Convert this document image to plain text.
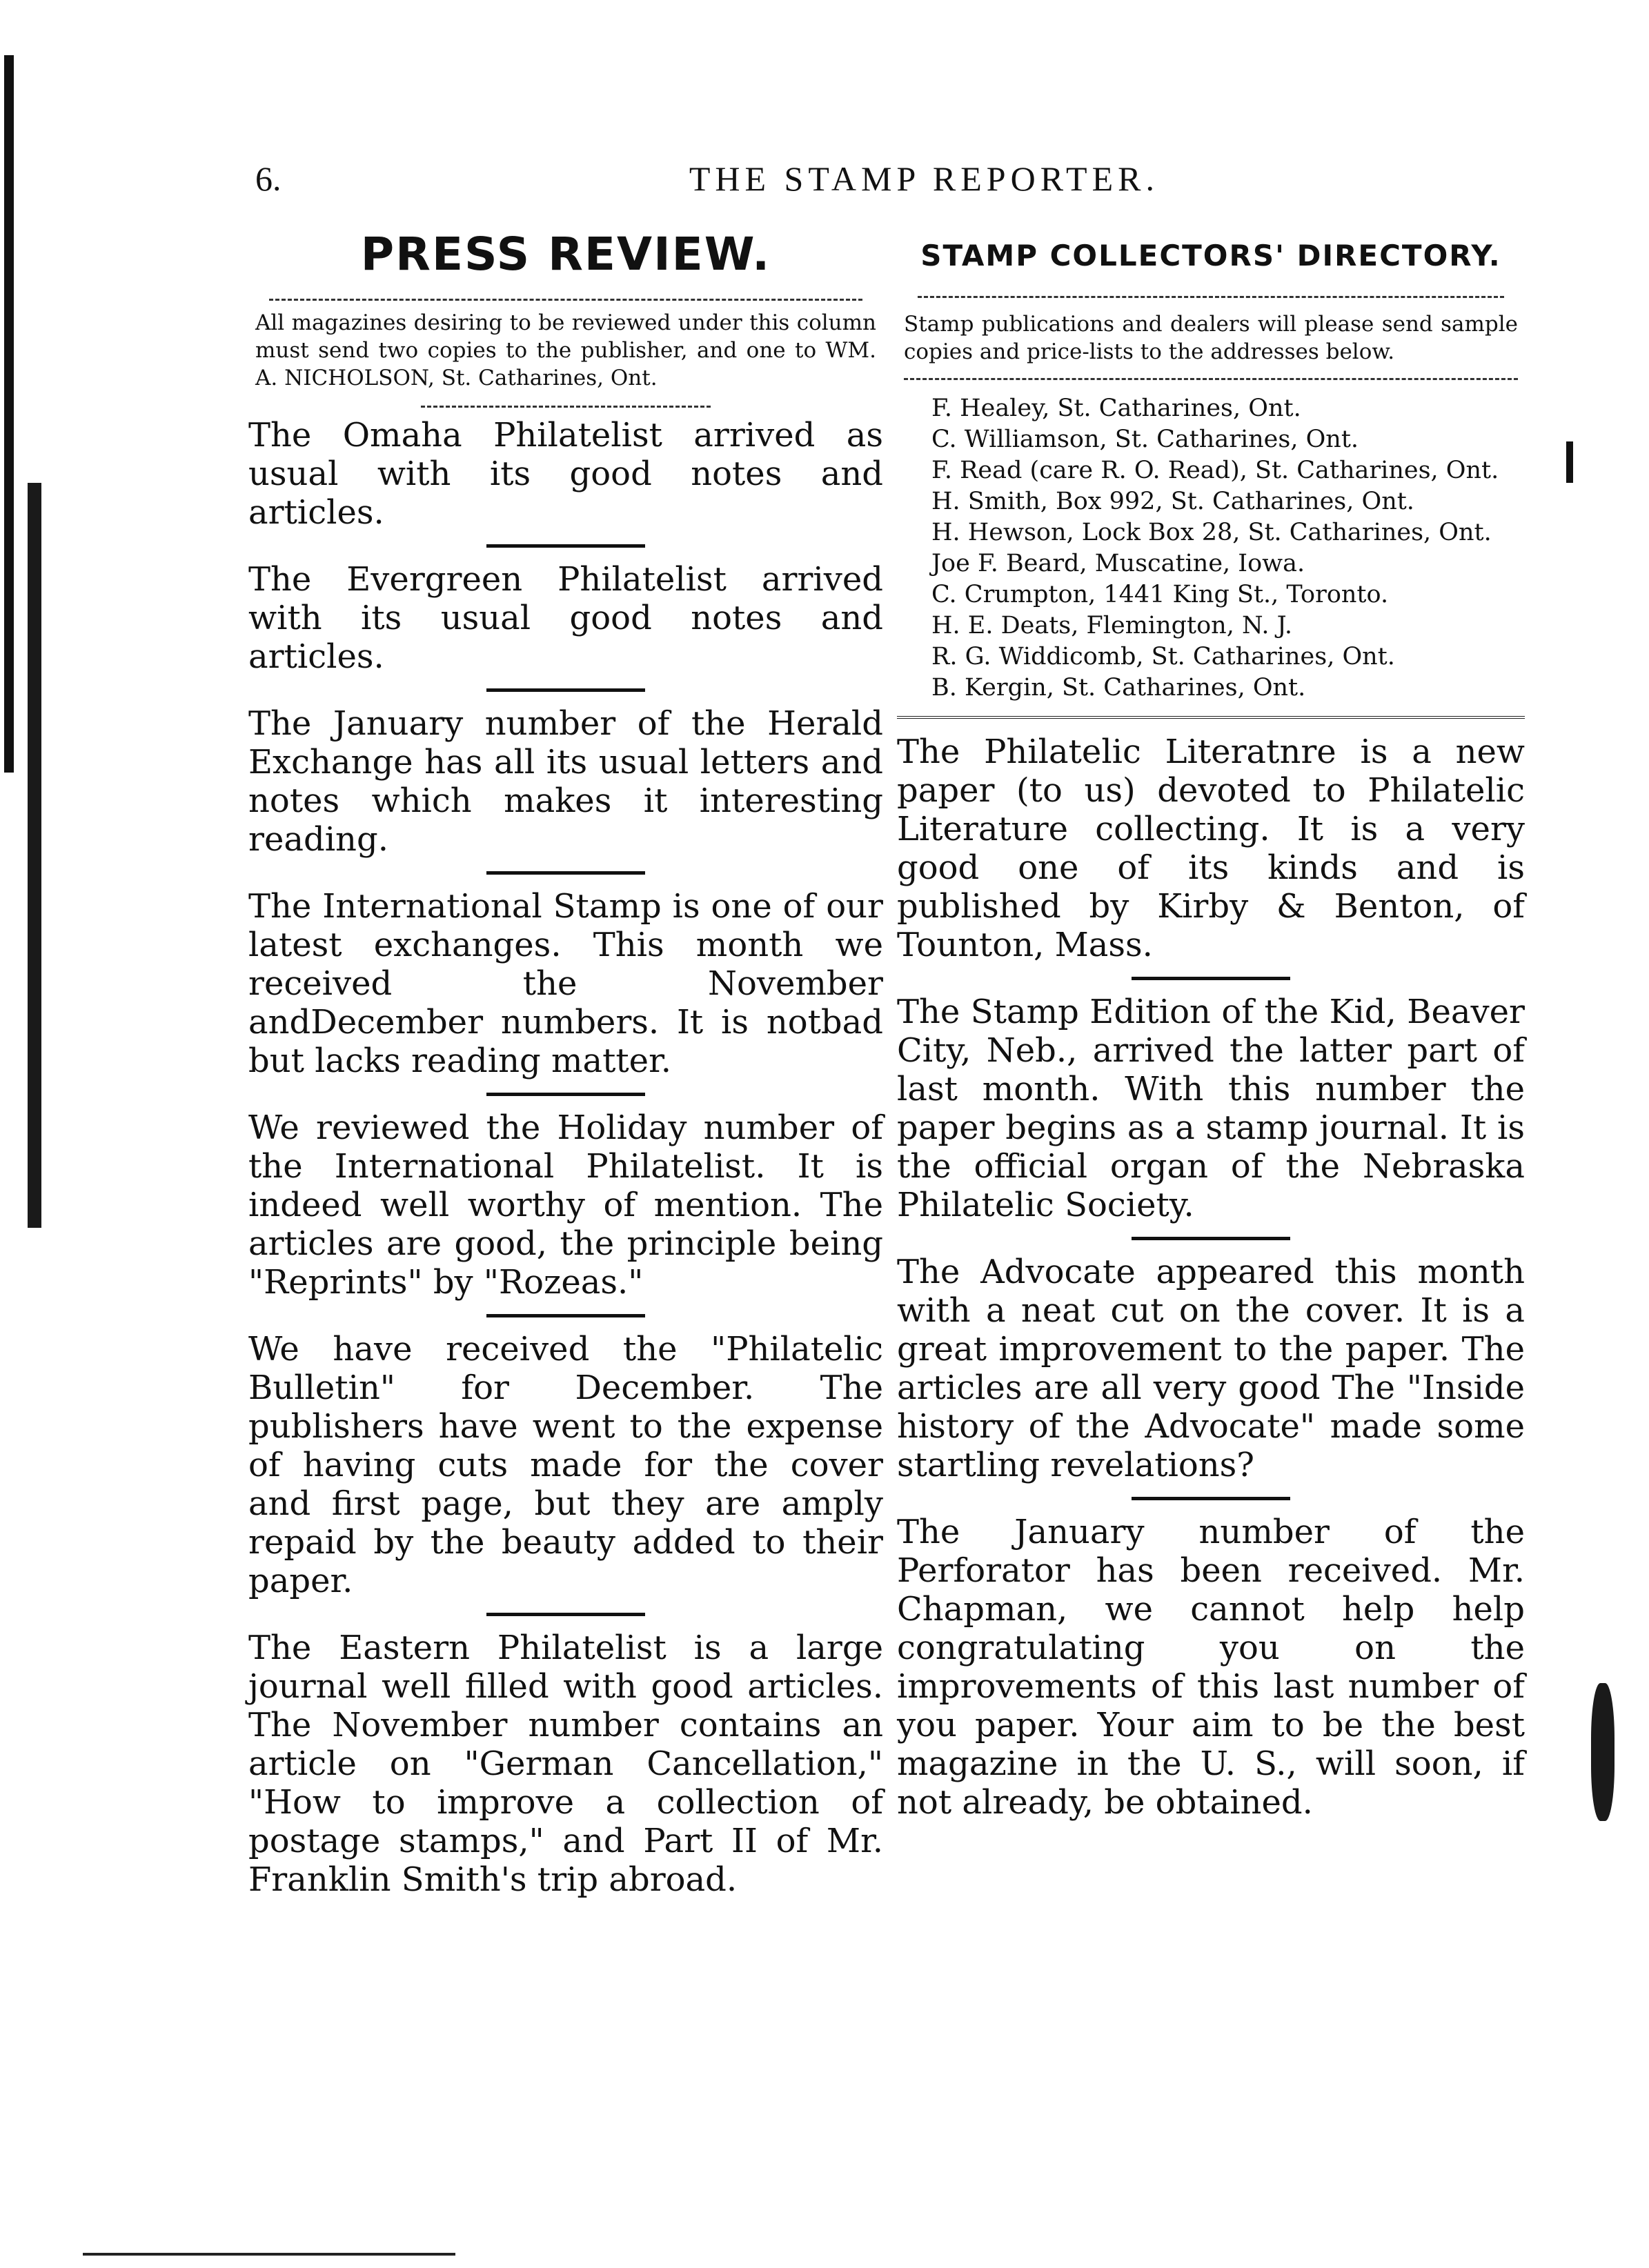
6.	THE STAMP REPORTER.
PRESS REVIEW.

All magazines desiring to be reviewed under this column must send two copies to the publisher, and one to WM. A. NICHOLSON, St. Catharines, Ont.

The Omaha Philatelist arrived as usual with its good notes and articles.

The Evergreen Philatelist arrived with its usual good notes and articles.

The January number of the Herald Exchange has all its usual letters and notes which makes it interesting reading.

The International Stamp is one of our latest exchanges. This month we received the November andDecember numbers. It is notbad but lacks reading matter.

We reviewed the Holiday number of the International Philatelist. It is indeed well worthy of mention. The articles are good, the principle being "Reprints" by "Rozeas."

We have received the "Philatelic Bulletin" for December. The publishers have went to the expense of having cuts made for the cover and first page, but they are amply repaid by the beauty added to their paper.

The Eastern Philatelist is a large journal well filled with good articles. The November number contains an article on "German Cancellation," "How to improve a collection of postage stamps," and Part II of Mr. Franklin Smith's trip abroad.

STAMP COLLECTORS' DIRECTORY.

Stamp publications and dealers will please send sample copies and price-lists to the addresses below.

F. Healey, St. Catharines, Ont.
C. Williamson, St. Catharines, Ont.
F. Read (care R. O. Read), St. Catharines, Ont.
H. Smith, Box 992, St. Catharines, Ont.
H. Hewson, Lock Box 28, St. Catharines, Ont.
Joe F. Beard, Muscatine, Iowa.
C. Crumpton, 1441 King St., Toronto.
H. E. Deats, Flemington, N. J.
R. G. Widdicomb, St. Catharines, Ont.
B. Kergin, St. Catharines, Ont.

The Philatelic Literatnre is a new paper (to us) devoted to Philatelic Literature collecting. It is a very good one of its kinds and is published by Kirby & Benton, of Tounton, Mass.

The Stamp Edition of the Kid, Beaver City, Neb., arrived the latter part of last month. With this number the paper begins as a stamp journal. It is the official organ of the Nebraska Philatelic Society.

The Advocate appeared this month with a neat cut on the cover. It is a great improvement to the paper. The articles are all very good The "Inside history of the Advocate" made some startling revelations?

The January number of the Perforator has been received. Mr. Chapman, we cannot help help congratulating you on the improvements of this last number of you paper. Your aim to be the best magazine in the U. S., will soon, if not already, be obtained.
